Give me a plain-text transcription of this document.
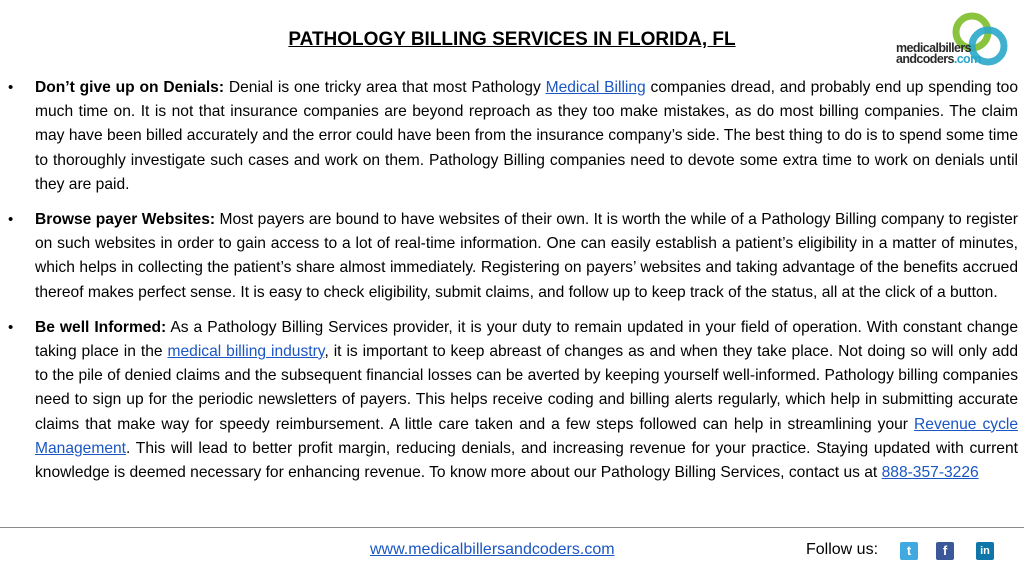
PATHOLOGY BILLING SERVICES IN FLORIDA, FL	medicalbillers
andcoders.com
• Don’t give up on Denials: Denial is one tricky area that most Pathology Medical Billing companies dread, and probably end up spending too much time on. It is not that insurance companies are beyond reproach as they too make mistakes, as do most billing companies. The claim may have been billed accurately and the error could have been from the insurance company’s side. The best thing to do is to spend some time to thoroughly investigate such cases and work on them. Pathology Billing companies need to devote some extra time to work on denials until they are paid.
• Browse payer Websites: Most payers are bound to have websites of their own. It is worth the while of a Pathology Billing company to register on such websites in order to gain access to a lot of real-time information. One can easily establish a patient’s eligibility in a matter of minutes, which helps in collecting the patient’s share almost immediately. Registering on payers’ websites and taking advantage of the benefits accrued thereof makes perfect sense. It is easy to check eligibility, submit claims, and follow up to keep track of the status, all at the click of a button.
• Be well Informed: As a Pathology Billing Services provider, it is your duty to remain updated in your field of operation. With constant change taking place in the medical billing industry, it is important to keep abreast of changes as and when they take place. Not doing so will only add to the pile of denied claims and the subsequent financial losses can be averted by keeping yourself well-informed. Pathology billing companies need to sign up for the periodic newsletters of payers. This helps receive coding and billing alerts regularly, which help in submitting accurate claims that make way for speedy reimbursement. A little care taken and a few steps followed can help in streamlining your Revenue cycle Management. This will lead to better profit margin, reducing denials, and increasing revenue for your practice. Staying updated with current knowledge is deemed necessary for enhancing revenue. To know more about our Pathology Billing Services, contact us at 888-357-3226
www.medicalbillersandcoders.com	Follow us:	t	f	in
